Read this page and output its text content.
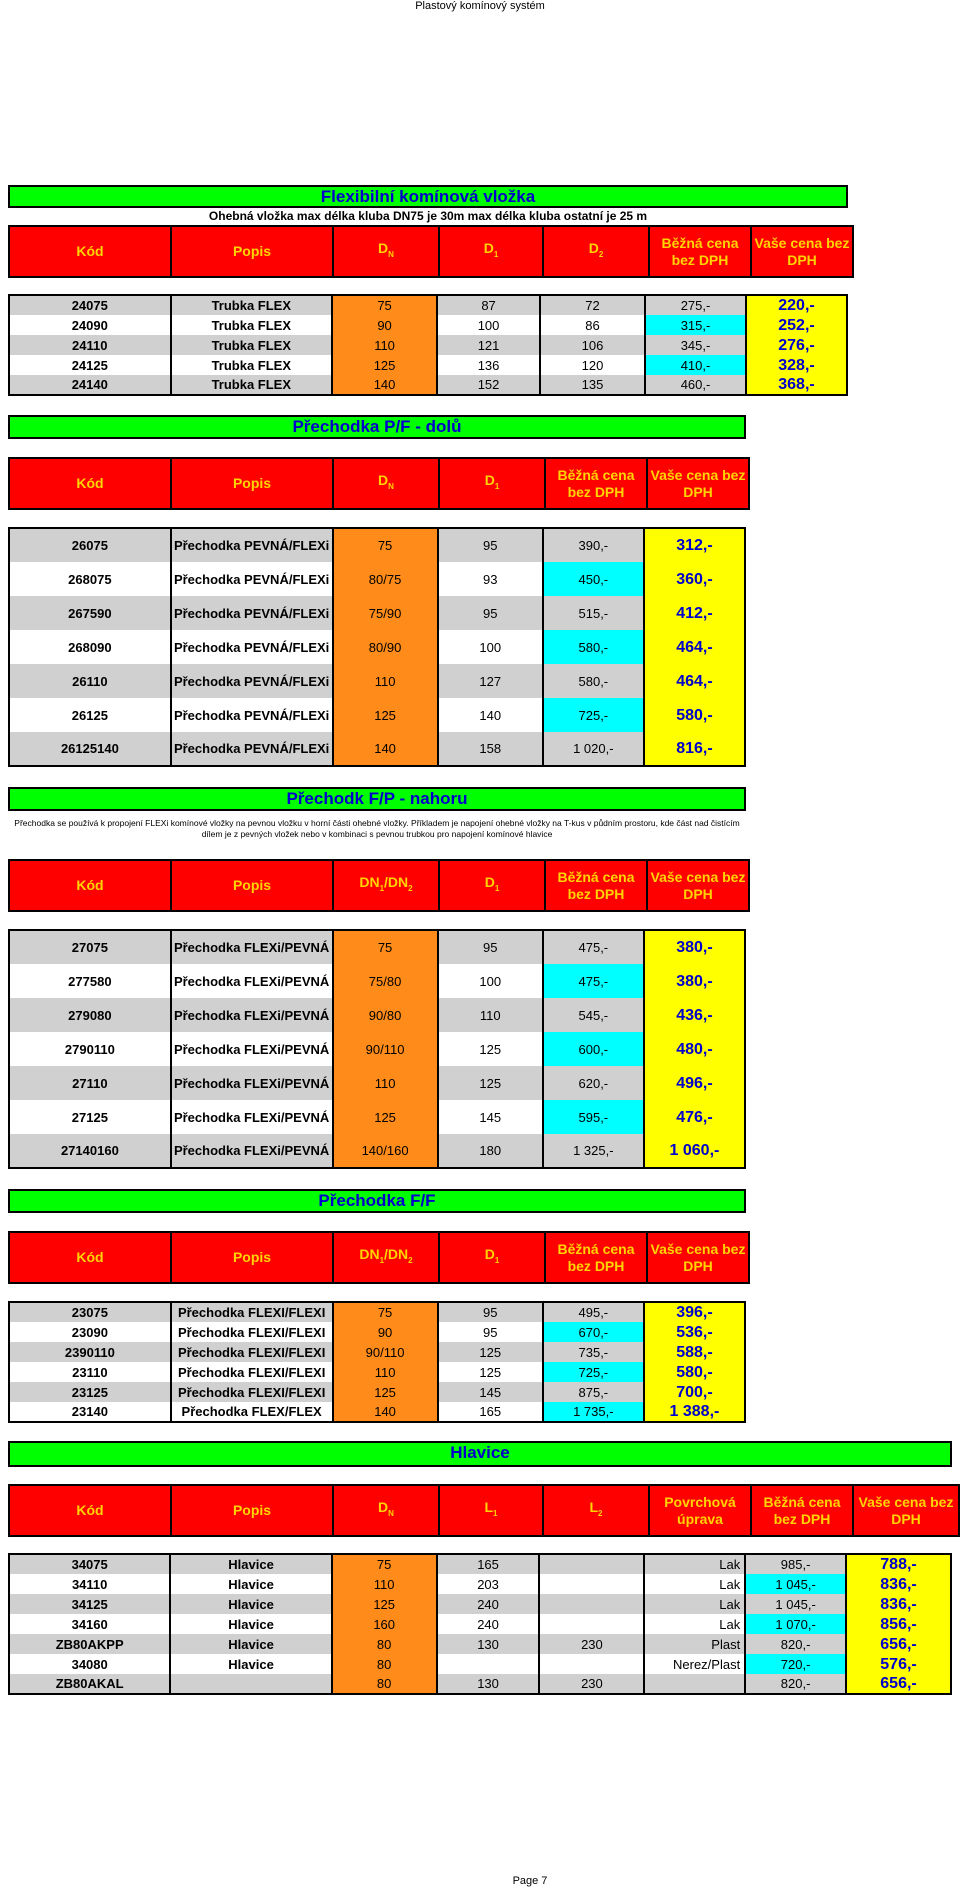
Plastový komínový systém
Flexibilní komínová vložka
Ohebná vložka max délka kluba DN75 je 30m max délka kluba ostatní je 25 m
Kód	Popis	$D_N$	$D_1$	$D_2$	Běžná cena bez DPH	Vaše cena bez DPH
24075	Trubka FLEX	75	87	72	275,-	220,-
24090	Trubka FLEX	90	100	86	315,-	252,-
24110	Trubka FLEX	110	121	106	345,-	276,-
24125	Trubka FLEX	125	136	120	410,-	328,-
24140	Trubka FLEX	140	152	135	460,-	368,-
Přechodka P/F - dolů
Kód	Popis	$D_N$	$D_1$	Běžná cena bez DPH	Vaše cena bez DPH
26075	Přechodka PEVNÁ/FLEXi	75	95	390,-	312,-
268075	Přechodka PEVNÁ/FLEXi	80/75	93	450,-	360,-
267590	Přechodka PEVNÁ/FLEXi	75/90	95	515,-	412,-
268090	Přechodka PEVNÁ/FLEXi	80/90	100	580,-	464,-
26110	Přechodka PEVNÁ/FLEXi	110	127	580,-	464,-
26125	Přechodka PEVNÁ/FLEXi	125	140	725,-	580,-
26125140	Přechodka PEVNÁ/FLEXi	140	158	1 020,-	816,-
Přechodk F/P - nahoru
Přechodka se používá k propojení FLEXi komínové vložky na pevnou vložku v horní části ohebné vložky. Příkladem je napojení ohebné vložky na T-kus v půdním prostoru, kde část nad čistícím dílem je z pevných vložek nebo v kombinaci s pevnou trubkou pro napojení komínové hlavice
Kód	Popis	$DN_1/DN_2$	$D_1$	Běžná cena bez DPH	Vaše cena bez DPH
27075	Přechodka FLEXi/PEVNÁ	75	95	475,-	380,-
277580	Přechodka FLEXi/PEVNÁ	75/80	100	475,-	380,-
279080	Přechodka FLEXi/PEVNÁ	90/80	110	545,-	436,-
2790110	Přechodka FLEXi/PEVNÁ	90/110	125	600,-	480,-
27110	Přechodka FLEXi/PEVNÁ	110	125	620,-	496,-
27125	Přechodka FLEXi/PEVNÁ	125	145	595,-	476,-
27140160	Přechodka FLEXi/PEVNÁ	140/160	180	1 325,-	1 060,-
Přechodka F/F
Kód	Popis	$DN_1/DN_2$	$D_1$	Běžná cena bez DPH	Vaše cena bez DPH
23075	Přechodka FLEXI/FLEXI	75	95	495,-	396,-
23090	Přechodka FLEXI/FLEXI	90	95	670,-	536,-
2390110	Přechodka FLEXI/FLEXI	90/110	125	735,-	588,-
23110	Přechodka FLEXI/FLEXI	110	125	725,-	580,-
23125	Přechodka FLEXI/FLEXI	125	145	875,-	700,-
23140	Přechodka FLEX/FLEX	140	165	1 735,-	1 388,-
Hlavice
Kód	Popis	$D_N$	$L_1$	$L_2$	Povrchová úprava	Běžná cena bez DPH	Vaše cena bez DPH
34075	Hlavice	75	165		Lak	985,-	788,-
34110	Hlavice	110	203		Lak	1 045,-	836,-
34125	Hlavice	125	240		Lak	1 045,-	836,-
34160	Hlavice	160	240		Lak	1 070,-	856,-
ZB80AKPP	Hlavice	80	130	230	Plast	820,-	656,-
34080	Hlavice	80			Nerez/Plast	720,-	576,-
ZB80AKAL		80	130	230		820,-	656,-
Page 7
